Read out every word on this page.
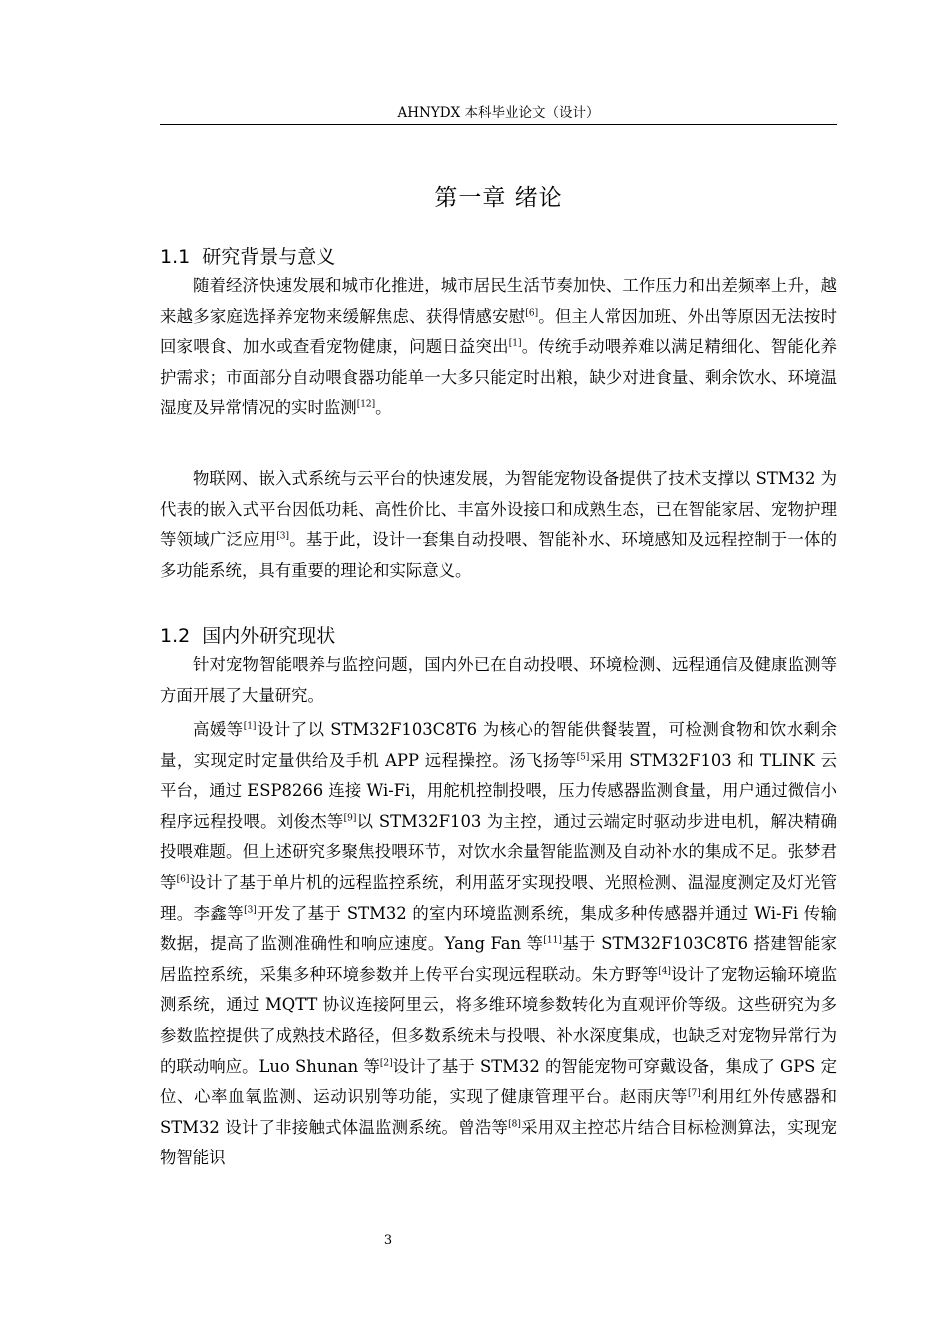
AHNYDX 本科毕业论文（设计）
第一章 绪论
1.1 研究背景与意义

随着经济快速发展和城市化推进，城市居民生活节奏加快、工作压力和出差频率上升，越来越多家庭选择养宠物来缓解焦虑、获得情感安慰[6]。但主人常因加班、外出等原因无法按时回家喂食、加水或查看宠物健康，问题日益突出[1]。传统手动喂养难以满足精细化、智能化养护需求；市面部分自动喂食器功能单一大多只能定时出粮，缺少对进食量、剩余饮水、环境温湿度及异常情况的实时监测[12]。

物联网、嵌入式系统与云平台的快速发展，为智能宠物设备提供了技术支撑以 STM32 为代表的嵌入式平台因低功耗、高性价比、丰富外设接口和成熟生态，已在智能家居、宠物护理等领域广泛应用[3]。基于此，设计一套集自动投喂、智能补水、环境感知及远程控制于一体的多功能系统，具有重要的理论和实际意义。

1.2 国内外研究现状

针对宠物智能喂养与监控问题，国内外已在自动投喂、环境检测、远程通信及健康监测等方面开展了大量研究。

高媛等[1]设计了以 STM32F103C8T6 为核心的智能供餐装置，可检测食物和饮水剩余量，实现定时定量供给及手机 APP 远程操控。汤飞扬等[5]采用 STM32F103 和 TLINK 云平台，通过 ESP8266 连接 Wi-Fi，用舵机控制投喂，压力传感器监测食量，用户通过微信小程序远程投喂。刘俊杰等[9]以 STM32F103 为主控，通过云端定时驱动步进电机，解决精确投喂难题。但上述研究多聚焦投喂环节，对饮水余量智能监测及自动补水的集成不足。张梦君等[6]设计了基于单片机的远程监控系统，利用蓝牙实现投喂、光照检测、温湿度测定及灯光管理。李鑫等[3]开发了基于 STM32 的室内环境监测系统，集成多种传感器并通过 Wi-Fi 传输数据，提高了监测准确性和响应速度。Yang Fan 等[11]基于 STM32F103C8T6 搭建智能家居监控系统，采集多种环境参数并上传平台实现远程联动。朱方野等[4]设计了宠物运输环境监测系统，通过 MQTT 协议连接阿里云，将多维环境参数转化为直观评价等级。这些研究为多参数监控提供了成熟技术路径，但多数系统未与投喂、补水深度集成，也缺乏对宠物异常行为的联动响应。Luo Shunan 等[2]设计了基于 STM32 的智能宠物可穿戴设备，集成了 GPS 定位、心率血氧监测、运动识别等功能，实现了健康管理平台。赵雨庆等[7]利用红外传感器和 STM32 设计了非接触式体温监测系统。曾浩等[8]采用双主控芯片结合目标检测算法，实现宠物智能识

3
